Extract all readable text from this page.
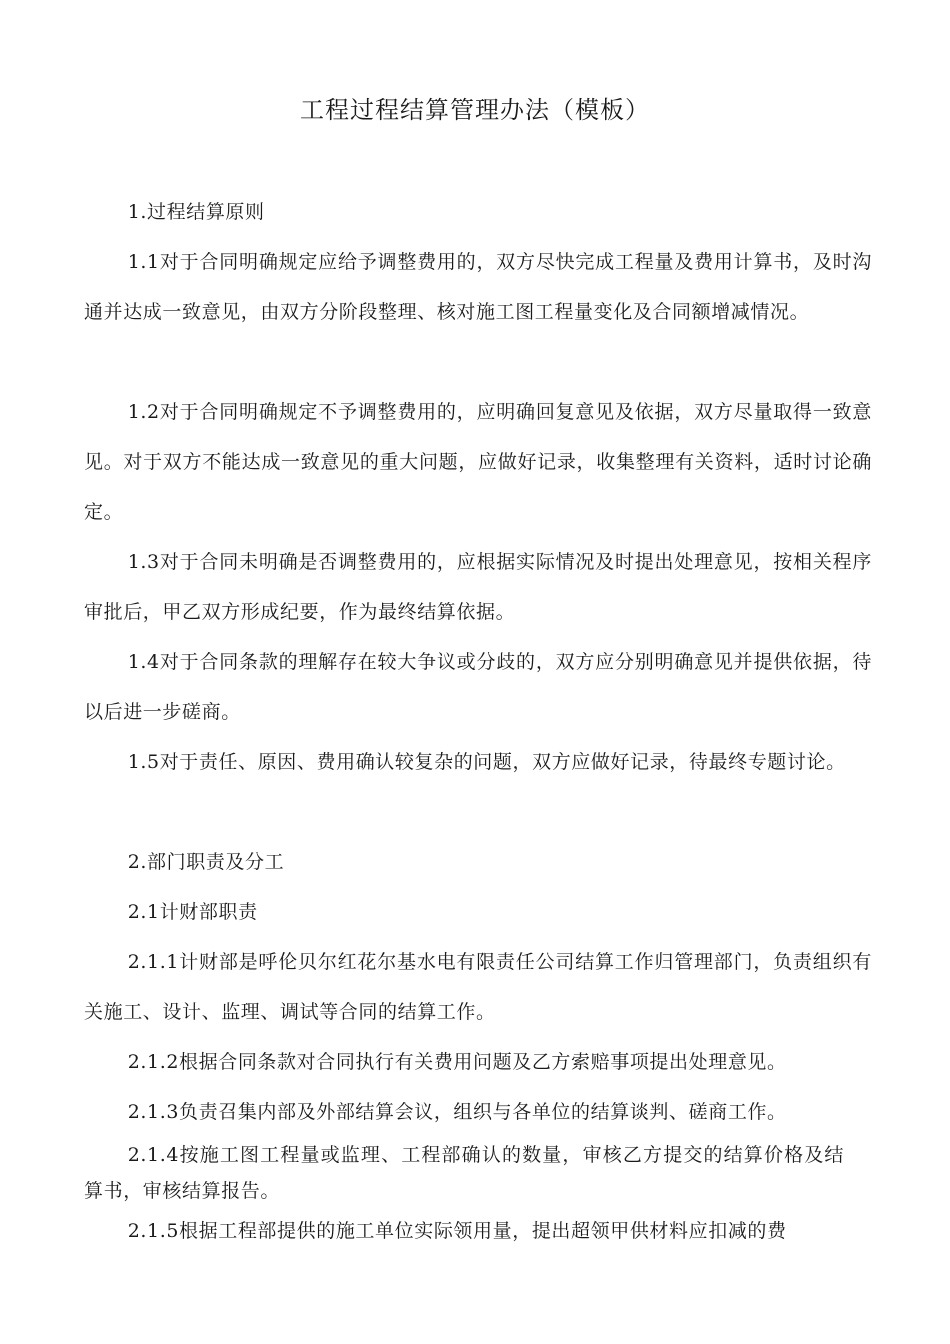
工程过程结算管理办法（模板）

1.过程结算原则

1.1对于合同明确规定应给予调整费用的，双方尽快完成工程量及费用计算书，及时沟通并达成一致意见，由双方分阶段整理、核对施工图工程量变化及合同额增减情况。

1.2对于合同明确规定不予调整费用的，应明确回复意见及依据，双方尽量取得一致意见。对于双方不能达成一致意见的重大问题，应做好记录，收集整理有关资料，适时讨论确定。

1.3对于合同未明确是否调整费用的，应根据实际情况及时提出处理意见，按相关程序审批后，甲乙双方形成纪要，作为最终结算依据。

1.4对于合同条款的理解存在较大争议或分歧的，双方应分别明确意见并提供依据，待以后进一步磋商。

1.5对于责任、原因、费用确认较复杂的问题，双方应做好记录，待最终专题讨论。

2.部门职责及分工

2.1计财部职责

2.1.1计财部是呼伦贝尔红花尔基水电有限责任公司结算工作归管理部门，负责组织有关施工、设计、监理、调试等合同的结算工作。

2.1.2根据合同条款对合同执行有关费用问题及乙方索赔事项提出处理意见。

2.1.3负责召集内部及外部结算会议，组织与各单位的结算谈判、磋商工作。

2.1.4按施工图工程量或监理、工程部确认的数量，审核乙方提交的结算价格及结算书，审核结算报告。

2.1.5根据工程部提供的施工单位实际领用量，提出超领甲供材料应扣减的费
